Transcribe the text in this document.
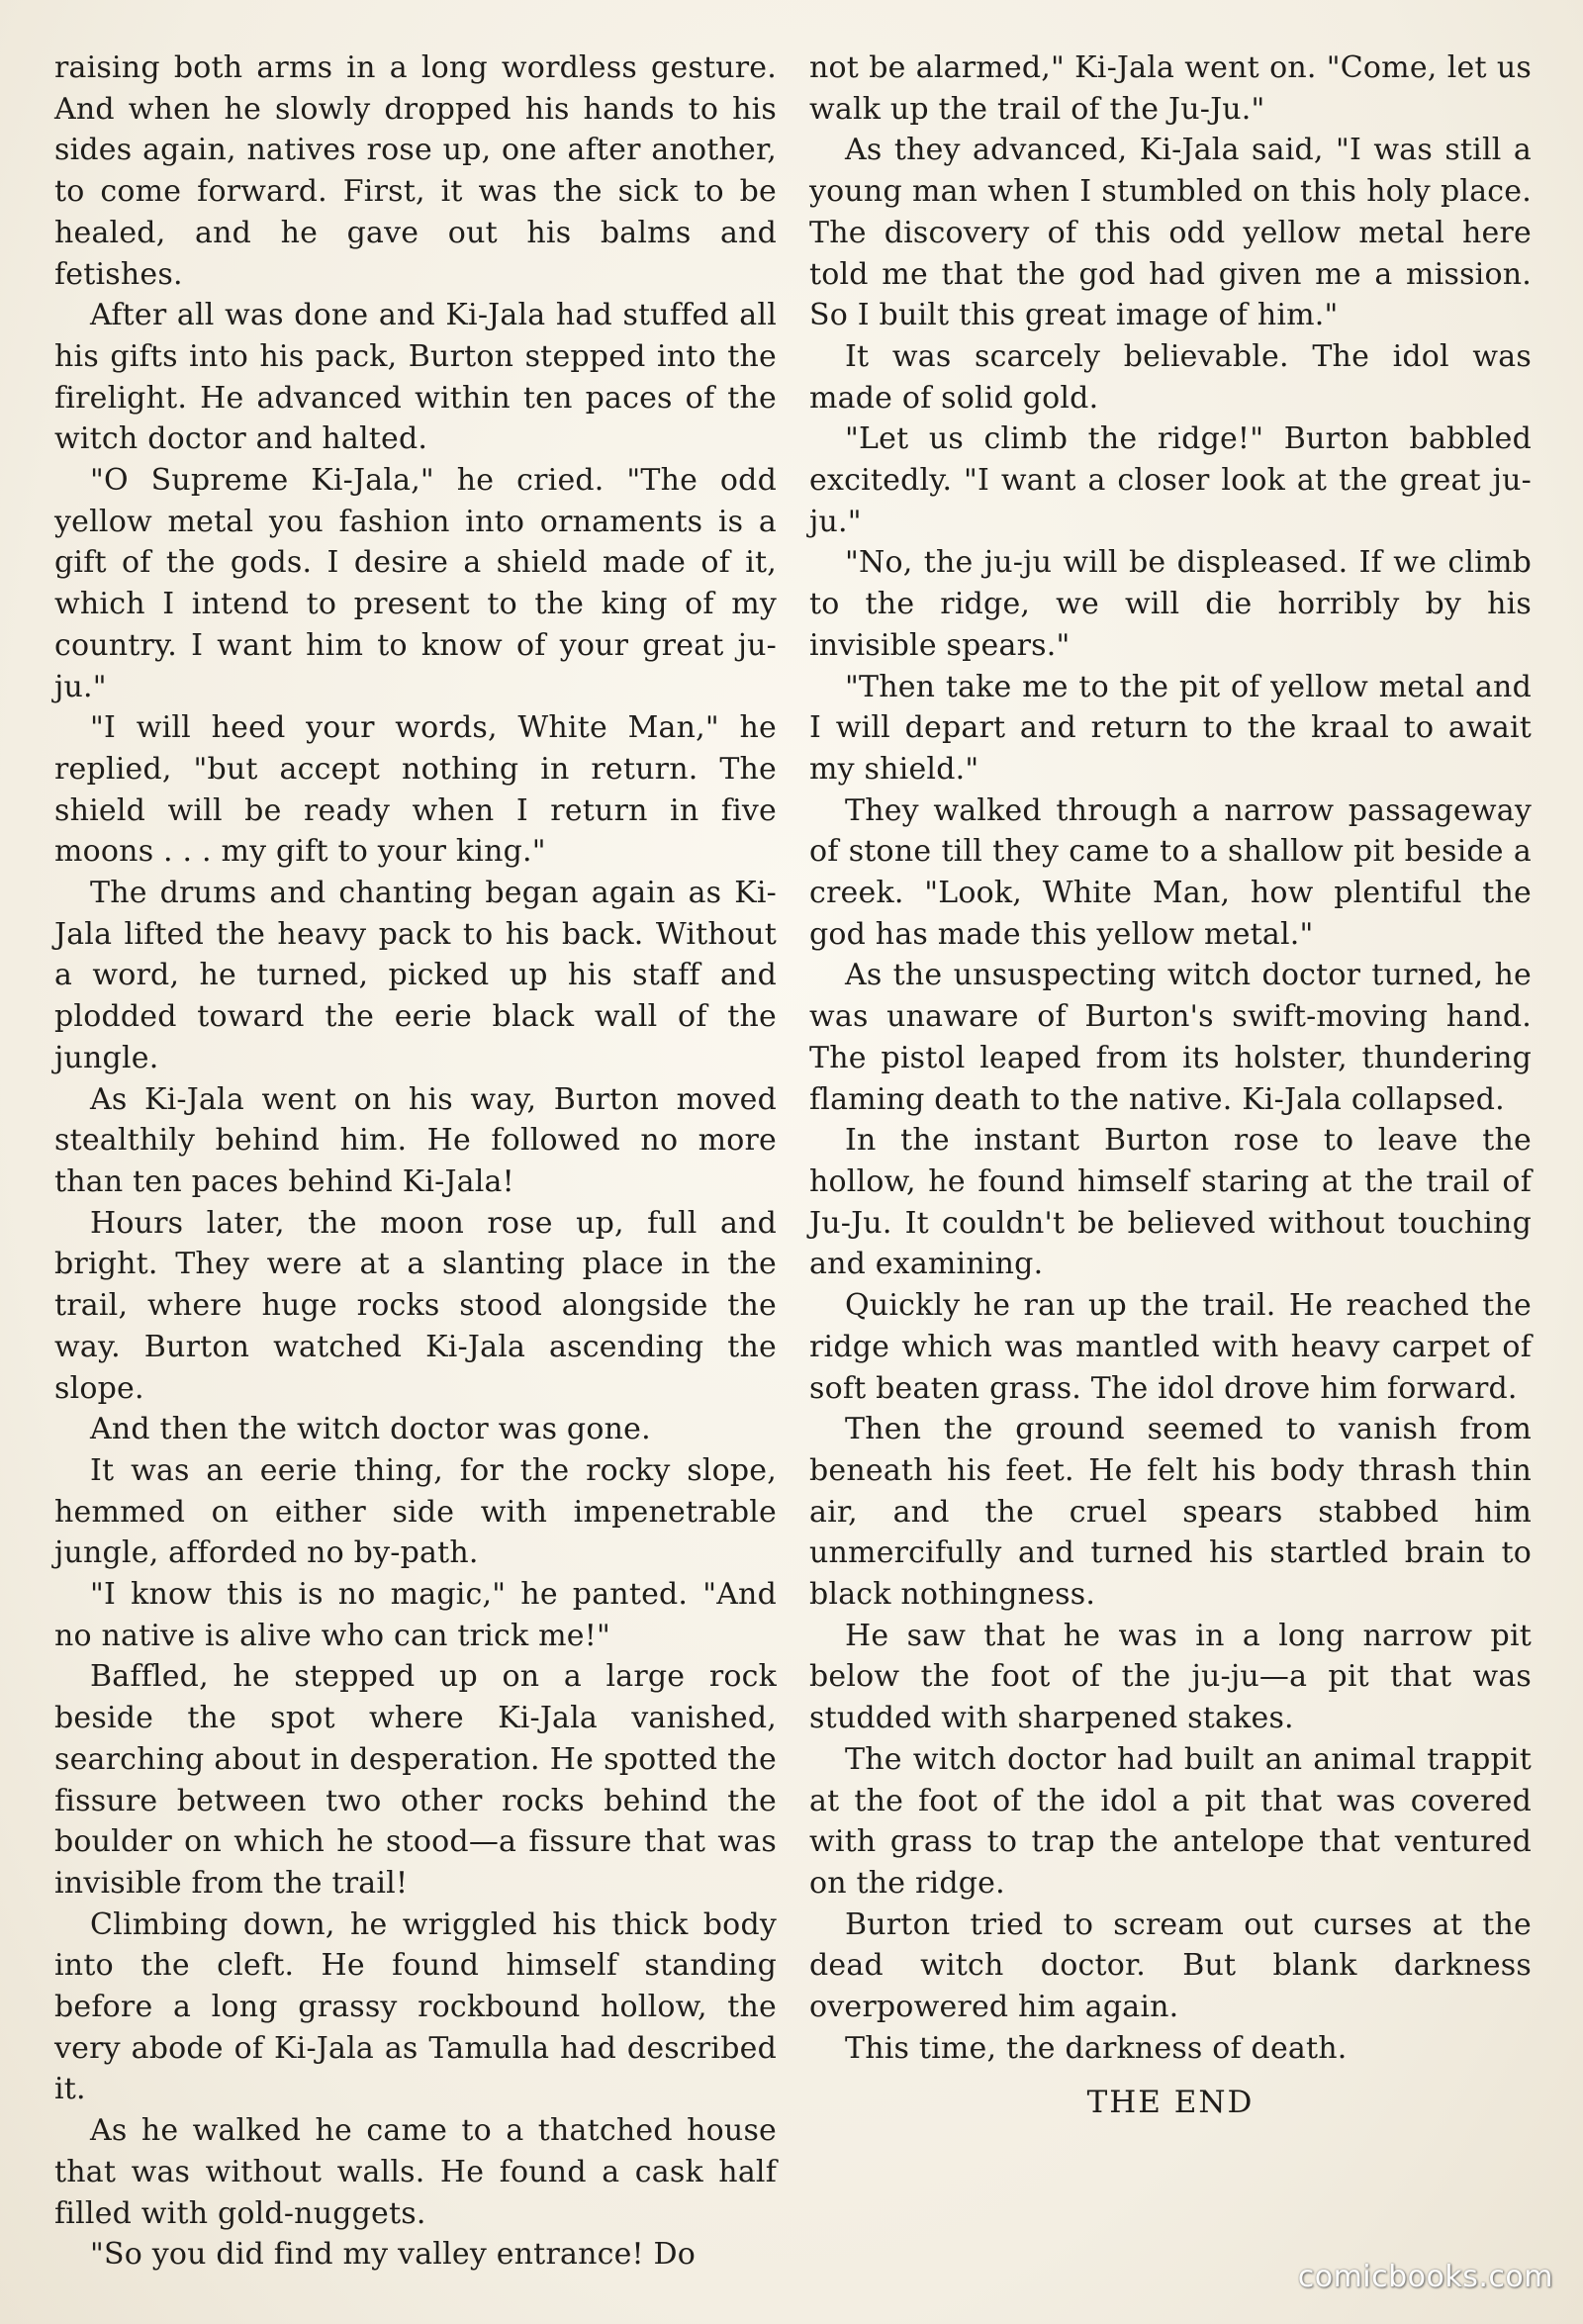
raising both arms in a long wordless gesture. And when he slowly dropped his hands to his sides again, natives rose up, one after another, to come forward. First, it was the sick to be healed, and he gave out his balms and fetishes.

After all was done and Ki-Jala had stuffed all his gifts into his pack, Burton stepped into the firelight. He advanced within ten paces of the witch doctor and halted.

"O Supreme Ki-Jala," he cried. "The odd yellow metal you fashion into ornaments is a gift of the gods. I desire a shield made of it, which I intend to present to the king of my country. I want him to know of your great ju-ju."

"I will heed your words, White Man," he replied, "but accept nothing in return. The shield will be ready when I return in five moons . . . my gift to your king."

The drums and chanting began again as Ki-Jala lifted the heavy pack to his back. Without a word, he turned, picked up his staff and plodded toward the eerie black wall of the jungle.

As Ki-Jala went on his way, Burton moved stealthily behind him. He followed no more than ten paces behind Ki-Jala!

Hours later, the moon rose up, full and bright. They were at a slanting place in the trail, where huge rocks stood alongside the way. Burton watched Ki-Jala ascending the slope.

And then the witch doctor was gone.

It was an eerie thing, for the rocky slope, hemmed on either side with impenetrable jungle, afforded no by-path.

"I know this is no magic," he panted. "And no native is alive who can trick me!"

Baffled, he stepped up on a large rock beside the spot where Ki-Jala vanished, searching about in desperation. He spotted the fissure between two other rocks behind the boulder on which he stood—a fissure that was invisible from the trail!

Climbing down, he wriggled his thick body into the cleft. He found himself standing before a long grassy rockbound hollow, the very abode of Ki-Jala as Tamulla had described it.

As he walked he came to a thatched house that was without walls. He found a cask half filled with gold-nuggets.

"So you did find my valley entrance! Do

not be alarmed," Ki-Jala went on. "Come, let us walk up the trail of the Ju-Ju."

As they advanced, Ki-Jala said, "I was still a young man when I stumbled on this holy place. The discovery of this odd yellow metal here told me that the god had given me a mission. So I built this great image of him."

It was scarcely believable. The idol was made of solid gold.

"Let us climb the ridge!" Burton babbled excitedly. "I want a closer look at the great ju-ju."

"No, the ju-ju will be displeased. If we climb to the ridge, we will die horribly by his invisible spears."

"Then take me to the pit of yellow metal and I will depart and return to the kraal to await my shield."

They walked through a narrow passageway of stone till they came to a shallow pit beside a creek. "Look, White Man, how plentiful the god has made this yellow metal."

As the unsuspecting witch doctor turned, he was unaware of Burton's swift-moving hand. The pistol leaped from its holster, thundering flaming death to the native. Ki-Jala collapsed.

In the instant Burton rose to leave the hollow, he found himself staring at the trail of Ju-Ju. It couldn't be believed without touching and examining.

Quickly he ran up the trail. He reached the ridge which was mantled with heavy carpet of soft beaten grass. The idol drove him forward.

Then the ground seemed to vanish from beneath his feet. He felt his body thrash thin air, and the cruel spears stabbed him unmercifully and turned his startled brain to black nothingness.

He saw that he was in a long narrow pit below the foot of the ju-ju—a pit that was studded with sharpened stakes.

The witch doctor had built an animal trappit at the foot of the idol a pit that was covered with grass to trap the antelope that ventured on the ridge.

Burton tried to scream out curses at the dead witch doctor. But blank darkness overpowered him again.

This time, the darkness of death.

THE END

comicbooks.com
